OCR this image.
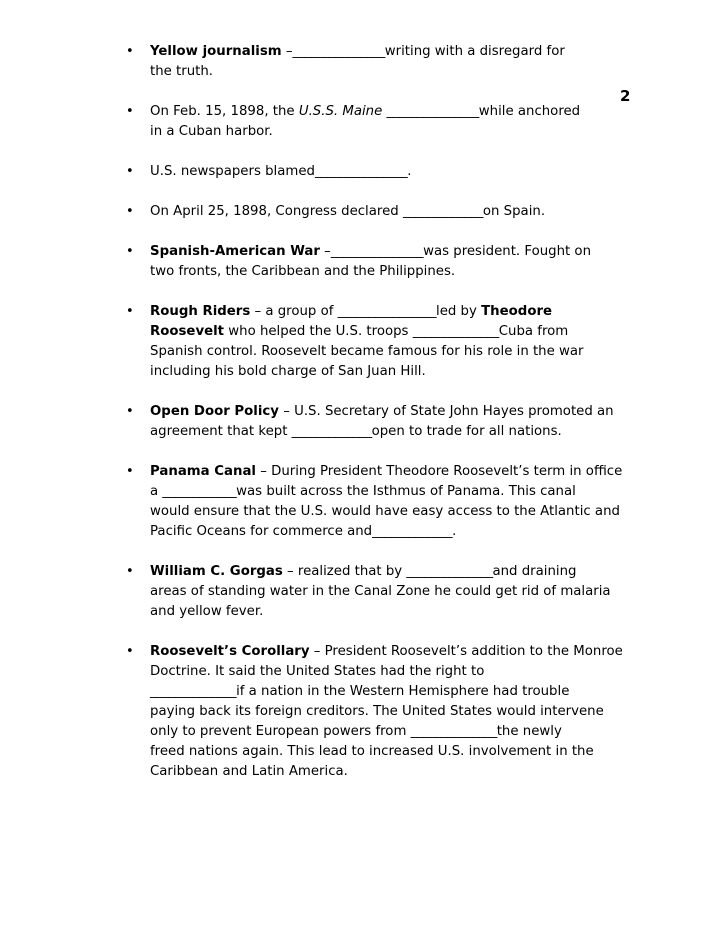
2
• Yellow journalism –_______________writing with a disregard for
the truth.
• On Feb. 15, 1898, the U.S.S. Maine _______________while anchored
in a Cuban harbor.
• U.S. newspapers blamed_______________.
• On April 25, 1898, Congress declared _____________on Spain.
• Spanish-American War –_______________was president. Fought on
two fronts, the Caribbean and the Philippines.
• Rough Riders – a group of ________________led by Theodore
Roosevelt who helped the U.S. troops ______________Cuba from
Spanish control. Roosevelt became famous for his role in the war
including his bold charge of San Juan Hill.
• Open Door Policy – U.S. Secretary of State John Hayes promoted an
agreement that kept _____________open to trade for all nations.
• Panama Canal – During President Theodore Roosevelt’s term in office
a ____________was built across the Isthmus of Panama. This canal
would ensure that the U.S. would have easy access to the Atlantic and
Pacific Oceans for commerce and_____________.
• William C. Gorgas – realized that by ______________and draining
areas of standing water in the Canal Zone he could get rid of malaria
and yellow fever.
• Roosevelt’s Corollary – President Roosevelt’s addition to the Monroe
Doctrine. It said the United States had the right to
______________if a nation in the Western Hemisphere had trouble
paying back its foreign creditors. The United States would intervene
only to prevent European powers from ______________the newly
freed nations again. This lead to increased U.S. involvement in the
Caribbean and Latin America.
